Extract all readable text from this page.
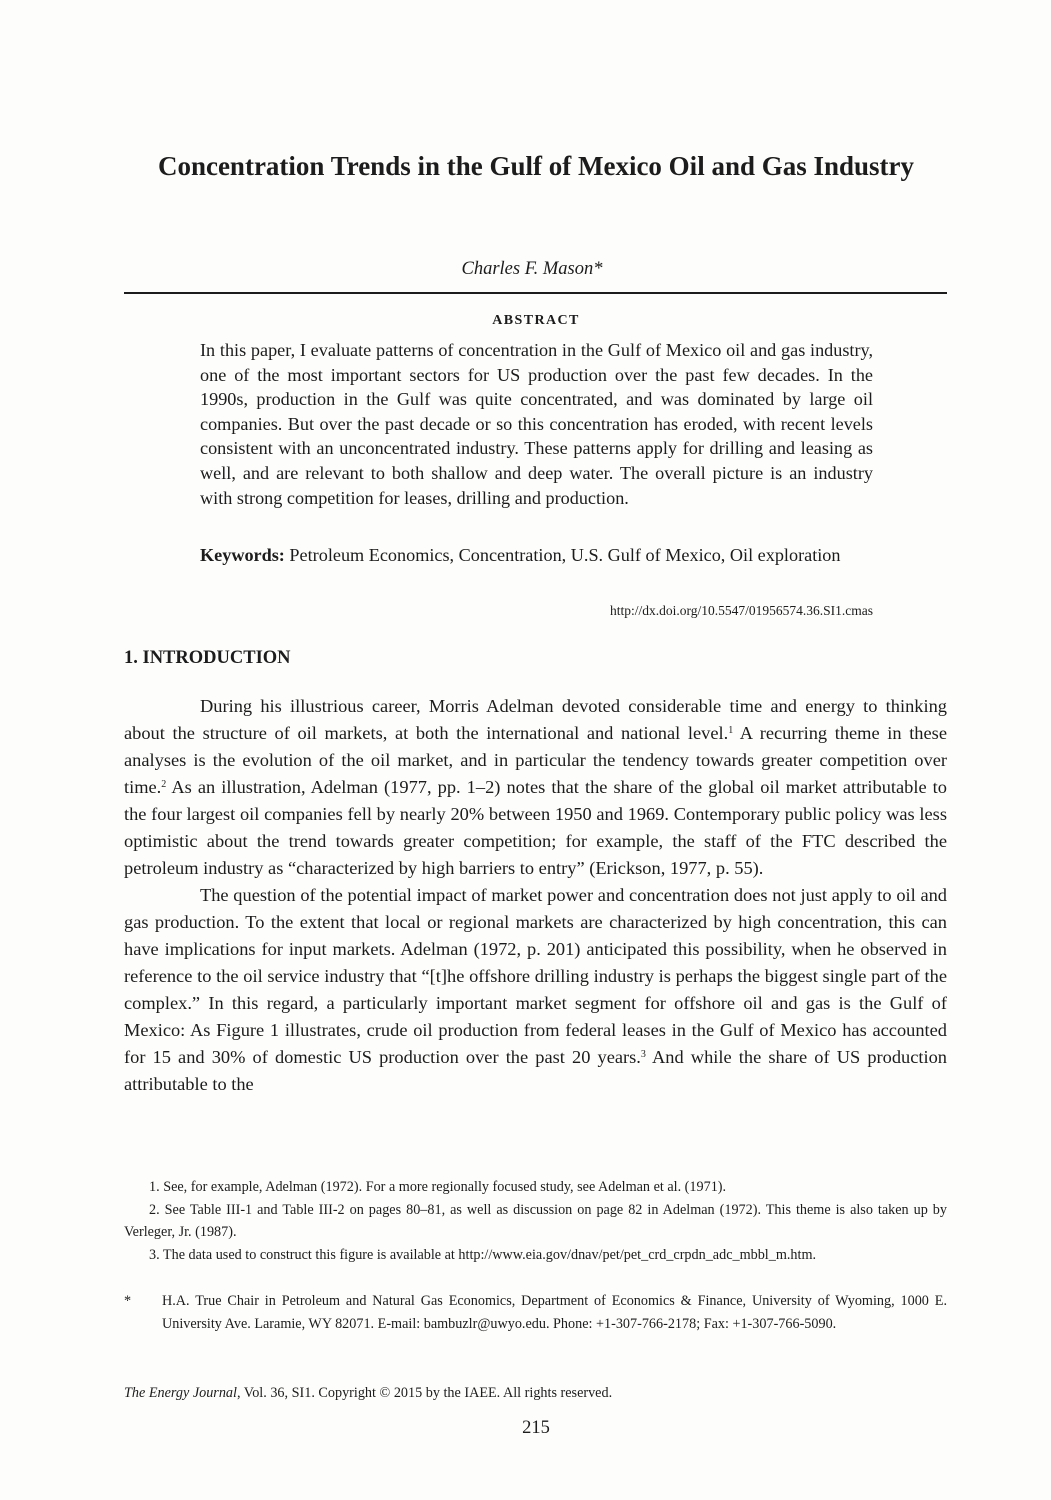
Concentration Trends in the Gulf of Mexico Oil and Gas Industry
Charles F. Mason*
ABSTRACT
In this paper, I evaluate patterns of concentration in the Gulf of Mexico oil and gas industry, one of the most important sectors for US production over the past few decades. In the 1990s, production in the Gulf was quite concentrated, and was dominated by large oil companies. But over the past decade or so this concentration has eroded, with recent levels consistent with an unconcentrated industry. These patterns apply for drilling and leasing as well, and are relevant to both shallow and deep water. The overall picture is an industry with strong competition for leases, drilling and production.
Keywords: Petroleum Economics, Concentration, U.S. Gulf of Mexico, Oil exploration
http://dx.doi.org/10.5547/01956574.36.SI1.cmas
1. INTRODUCTION

During his illustrious career, Morris Adelman devoted considerable time and energy to thinking about the structure of oil markets, at both the international and national level.$^1$ A recurring theme in these analyses is the evolution of the oil market, and in particular the tendency towards greater competition over time.$^2$ As an illustration, Adelman (1977, pp. 1–2) notes that the share of the global oil market attributable to the four largest oil companies fell by nearly 20% between 1950 and 1969. Contemporary public policy was less optimistic about the trend towards greater competition; for example, the staff of the FTC described the petroleum industry as “characterized by high barriers to entry” (Erickson, 1977, p. 55).

The question of the potential impact of market power and concentration does not just apply to oil and gas production. To the extent that local or regional markets are characterized by high concentration, this can have implications for input markets. Adelman (1972, p. 201) anticipated this possibility, when he observed in reference to the oil service industry that “[t]he offshore drilling industry is perhaps the biggest single part of the complex.” In this regard, a particularly important market segment for offshore oil and gas is the Gulf of Mexico: As Figure 1 illustrates, crude oil production from federal leases in the Gulf of Mexico has accounted for 15 and 30% of domestic US production over the past 20 years.$^3$ And while the share of US production attributable to the

1. See, for example, Adelman (1972). For a more regionally focused study, see Adelman et al. (1971).

2. See Table III-1 and Table III-2 on pages 80–81, as well as discussion on page 82 in Adelman (1972). This theme is also taken up by Verleger, Jr. (1987).

3. The data used to construct this figure is available at http://www.eia.gov/dnav/pet/pet_crd_crpdn_adc_mbbl_m.htm.

* H.A. True Chair in Petroleum and Natural Gas Economics, Department of Economics & Finance, University of Wyoming, 1000 E. University Ave. Laramie, WY 82071. E-mail: bambuzlr@uwyo.edu. Phone: +1-307-766-2178; Fax: +1-307-766-5090.
The Energy Journal, Vol. 36, SI1. Copyright © 2015 by the IAEE. All rights reserved.
215
